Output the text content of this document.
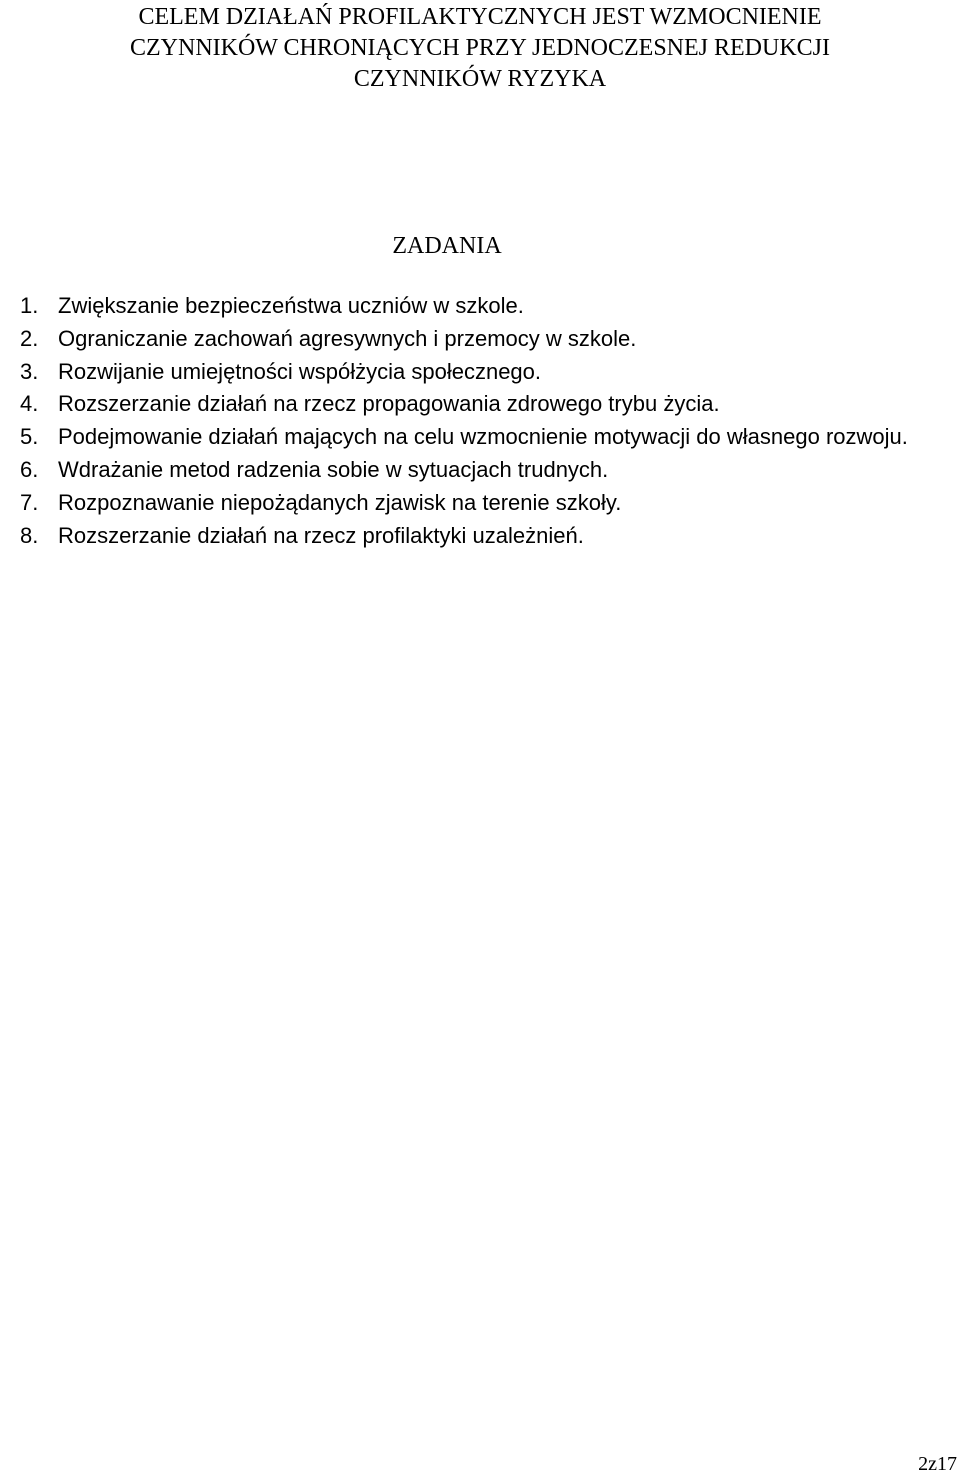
CELEM DZIAŁAŃ PROFILAKTYCZNYCH JEST WZMOCNIENIE
CZYNNIKÓW CHRONIĄCYCH PRZY JEDNOCZESNEJ REDUKCJI
CZYNNIKÓW RYZYKA
ZADANIA
1. Zwiększanie bezpieczeństwa uczniów w szkole.
2. Ograniczanie zachowań agresywnych i przemocy w szkole.
3. Rozwijanie umiejętności współżycia społecznego.
4. Rozszerzanie działań na rzecz propagowania zdrowego trybu życia.
5. Podejmowanie działań mających na celu wzmocnienie motywacji do własnego rozwoju.
6. Wdrażanie metod radzenia sobie w sytuacjach trudnych.
7. Rozpoznawanie niepożądanych zjawisk na terenie szkoły.
8. Rozszerzanie działań na rzecz profilaktyki uzależnień.
2z17
